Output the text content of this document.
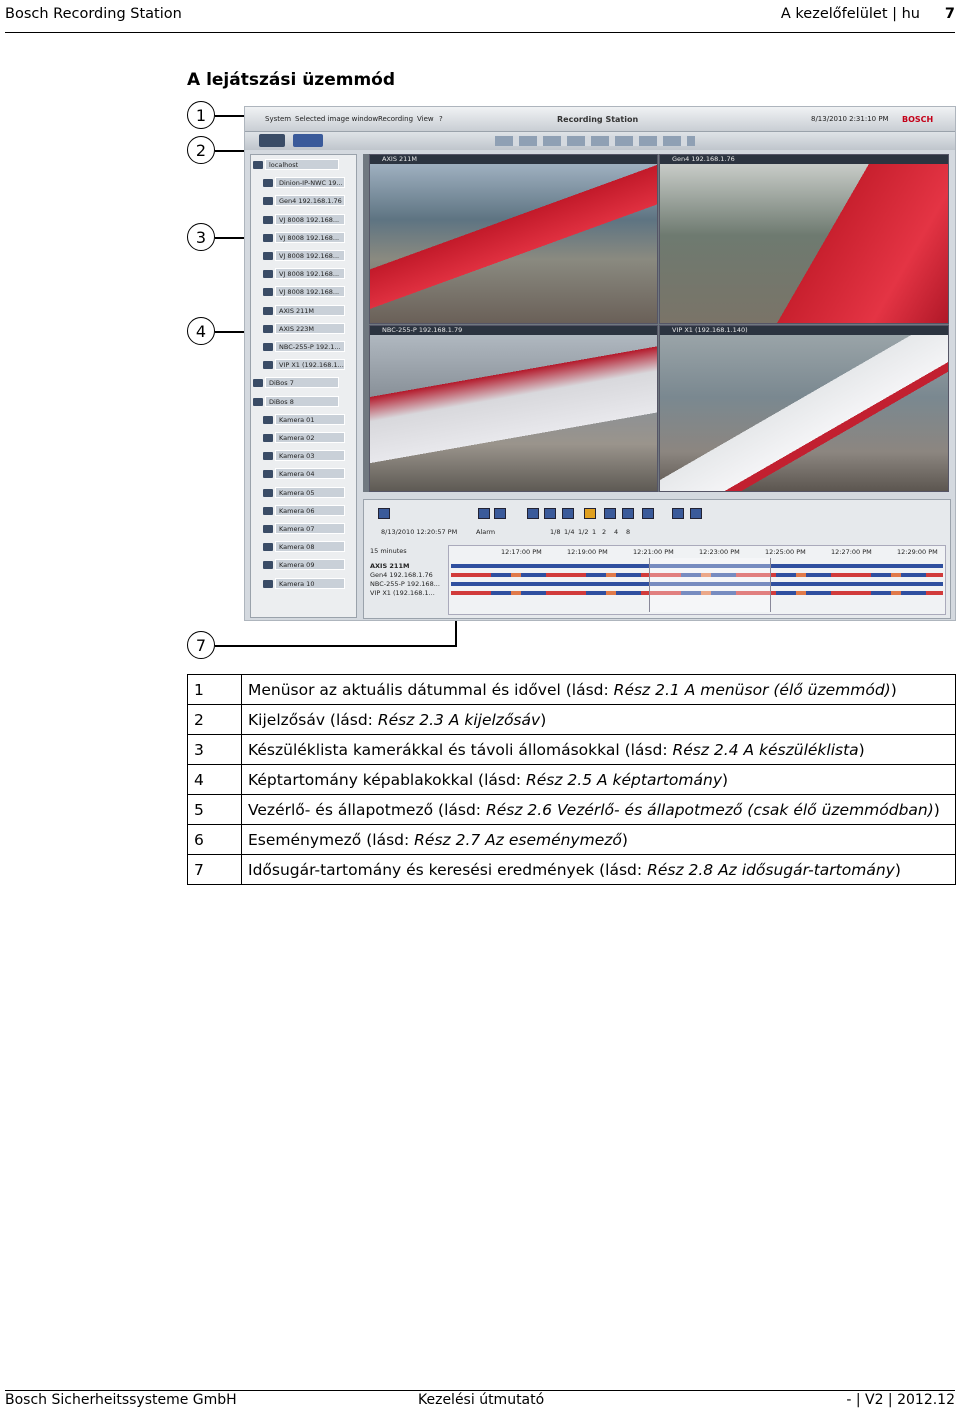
Bosch Recording Station	A kezelőfelület | hu 7
A lejátszási üzemmód
1
2
3
4
7
System Selected image window Recording View ?	Recording Station	8/13/2010 2:31:10 PM BOSCH
localhost
Dinion-IP-NWC 19...
Gen4 192.168.1.76
VJ 8008 192.168...
VJ 8008 192.168...
VJ 8008 192.168...
VJ 8008 192.168...
VJ 8008 192.168...
AXIS 211M
AXIS 223M
NBC-255-P 192.1...
VIP X1 (192.168.1...
DiBos 7
DiBos 8
Kamera 01
Kamera 02
Kamera 03
Kamera 04
Kamera 05
Kamera 06
Kamera 07
Kamera 08
Kamera 09
Kamera 10
AXIS 211M	Gen4 192.168.1.76
NBC-255-P 192.168.1.79	VIP X1 (192.168.1.140)
8/13/2010 12:20:57 PM	Alarm	1/8 1/4 1/2 1 2 4 8
15 minutes
AXIS 211M
Gen4 192.168.1.76
NBC-255-P 192.168...
VIP X1 (192.168.1...
12:17:00 PM	12:19:00 PM	12:21:00 PM	12:23:00 PM	12:25:00 PM	12:27:00 PM	12:29:00 PM
1	Menüsor az aktuális dátummal és idővel (lásd: Rész 2.1 A menüsor (élő üzemmód))
2	Kijelzősáv (lásd: Rész 2.3 A kijelzősáv)
3	Készüléklista kamerákkal és távoli állomásokkal (lásd: Rész 2.4 A készüléklista)
4	Képtartomány képablakokkal (lásd: Rész 2.5 A képtartomány)
5	Vezérlő- és állapotmező (lásd: Rész 2.6 Vezérlő- és állapotmező (csak élő üzemmódban))
6	Eseménymező (lásd: Rész 2.7 Az eseménymező)
7	Idősugár-tartomány és keresési eredmények (lásd: Rész 2.8 Az idősugár-tartomány)
Bosch Sicherheitssysteme GmbH	Kezelési útmutató	- | V2 | 2012.12
